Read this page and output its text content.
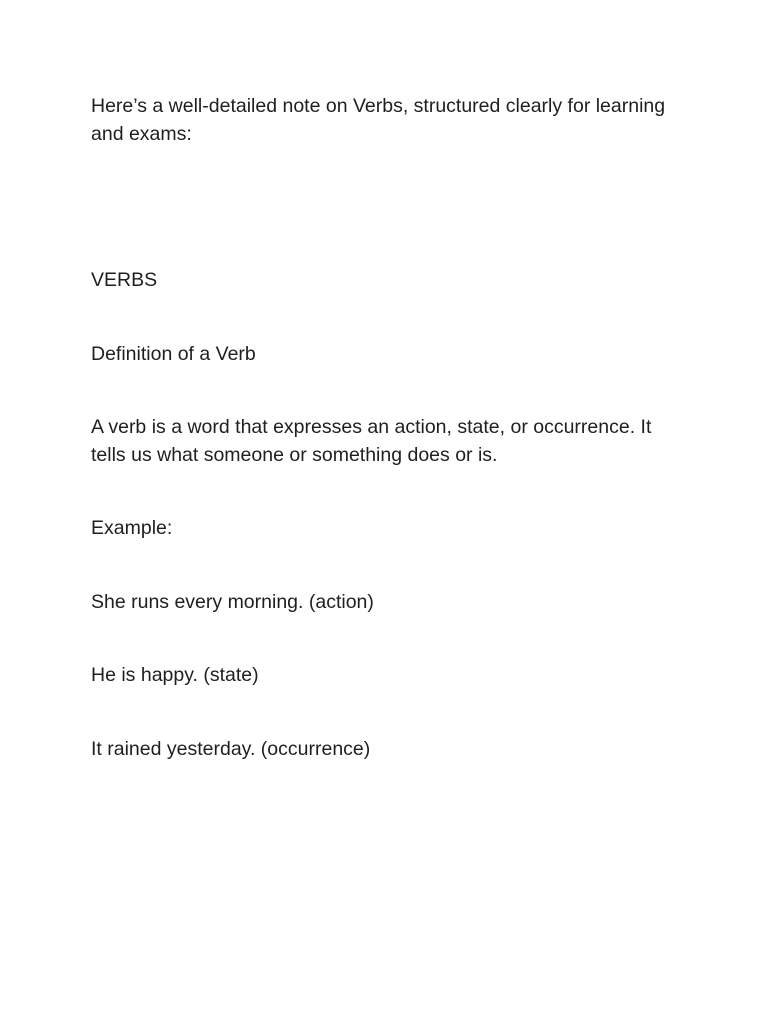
Here’s a well-detailed note on Verbs, structured clearly for learning and exams:

VERBS

Definition of a Verb

A verb is a word that expresses an action, state, or occurrence. It tells us what someone or something does or is.

Example:

She runs every morning. (action)

He is happy. (state)

It rained yesterday. (occurrence)
